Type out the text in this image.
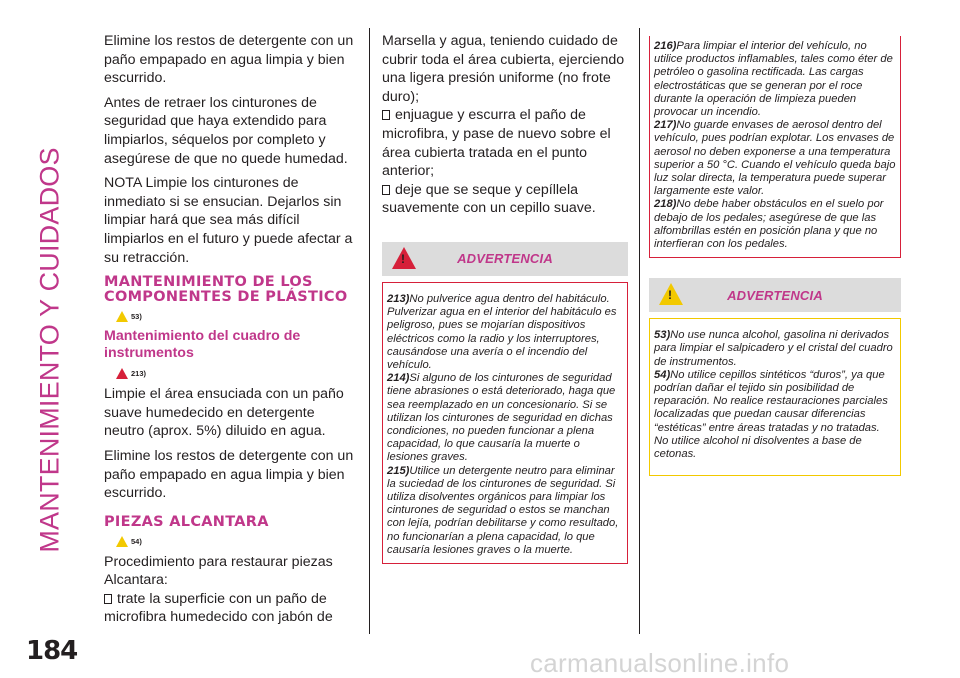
MANTENIMIENTO Y CUIDADOS
184	carmanualsonline.info

Elimine los restos de detergente con un paño empapado en agua limpia y bien escurrido.

Antes de retraer los cinturones de seguridad que haya extendido para limpiarlos, séquelos por completo y asegúrese de que no quede humedad.

NOTA Limpie los cinturones de inmediato si se ensucian. Dejarlos sin limpiar hará que sea más difícil limpiarlos en el futuro y puede afectar a su retracción.

MANTENIMIENTO DE LOS COMPONENTES DE PLÁSTICO
53)
Mantenimiento del cuadro de instrumentos
213)

Limpie el área ensuciada con un paño suave humedecido en detergente neutro (aprox. 5%) diluido en agua.

Elimine los restos de detergente con un paño empapado en agua limpia y bien escurrido.

PIEZAS ALCANTARA
54)

Procedimiento para restaurar piezas Alcantara:

trate la superficie con un paño de microfibra humedecido con jabón de

Marsella y agua, teniendo cuidado de cubrir toda el área cubierta, ejerciendo una ligera presión uniforme (no frote duro);

enjuague y escurra el paño de microfibra, y pase de nuevo sobre el área cubierta tratada en el punto anterior;

deje que se seque y cepíllela suavemente con un cepillo suave.

!	ADVERTENCIA
213)No pulverice agua dentro del habitáculo. Pulverizar agua en el interior del habitáculo es peligroso, pues se mojarían dispositivos eléctricos como la radio y los interruptores, causándose una avería o el incendio del vehículo.
214)Si alguno de los cinturones de seguridad tiene abrasiones o está deteriorado, haga que sea reemplazado en un concesionario. Si se utilizan los cinturones de seguridad en dichas condiciones, no pueden funcionar a plena capacidad, lo que causaría la muerte o lesiones graves.
215)Utilice un detergente neutro para eliminar la suciedad de los cinturones de seguridad. Si utiliza disolventes orgánicos para limpiar los cinturones de seguridad o estos se manchan con lejía, podrían debilitarse y como resultado, no funcionarían a plena capacidad, lo que causaría lesiones graves o la muerte.
216)Para limpiar el interior del vehículo, no utilice productos inflamables, tales como éter de petróleo o gasolina rectificada. Las cargas electrostáticas que se generan por el roce durante la operación de limpieza pueden provocar un incendio.
217)No guarde envases de aerosol dentro del vehículo, pues podrían explotar. Los envases de aerosol no deben exponerse a una temperatura superior a 50 °C. Cuando el vehículo queda bajo luz solar directa, la temperatura puede superar largamente este valor.
218)No debe haber obstáculos en el suelo por debajo de los pedales; asegúrese de que las alfombrillas estén en posición plana y que no interfieran con los pedales.
!	ADVERTENCIA
53)No use nunca alcohol, gasolina ni derivados para limpiar el salpicadero y el cristal del cuadro de instrumentos.
54)No utilice cepillos sintéticos “duros”, ya que podrían dañar el tejido sin posibilidad de reparación. No realice restauraciones parciales localizadas que puedan causar diferencias “estéticas” entre áreas tratadas y no tratadas. No utilice alcohol ni disolventes a base de cetonas.
